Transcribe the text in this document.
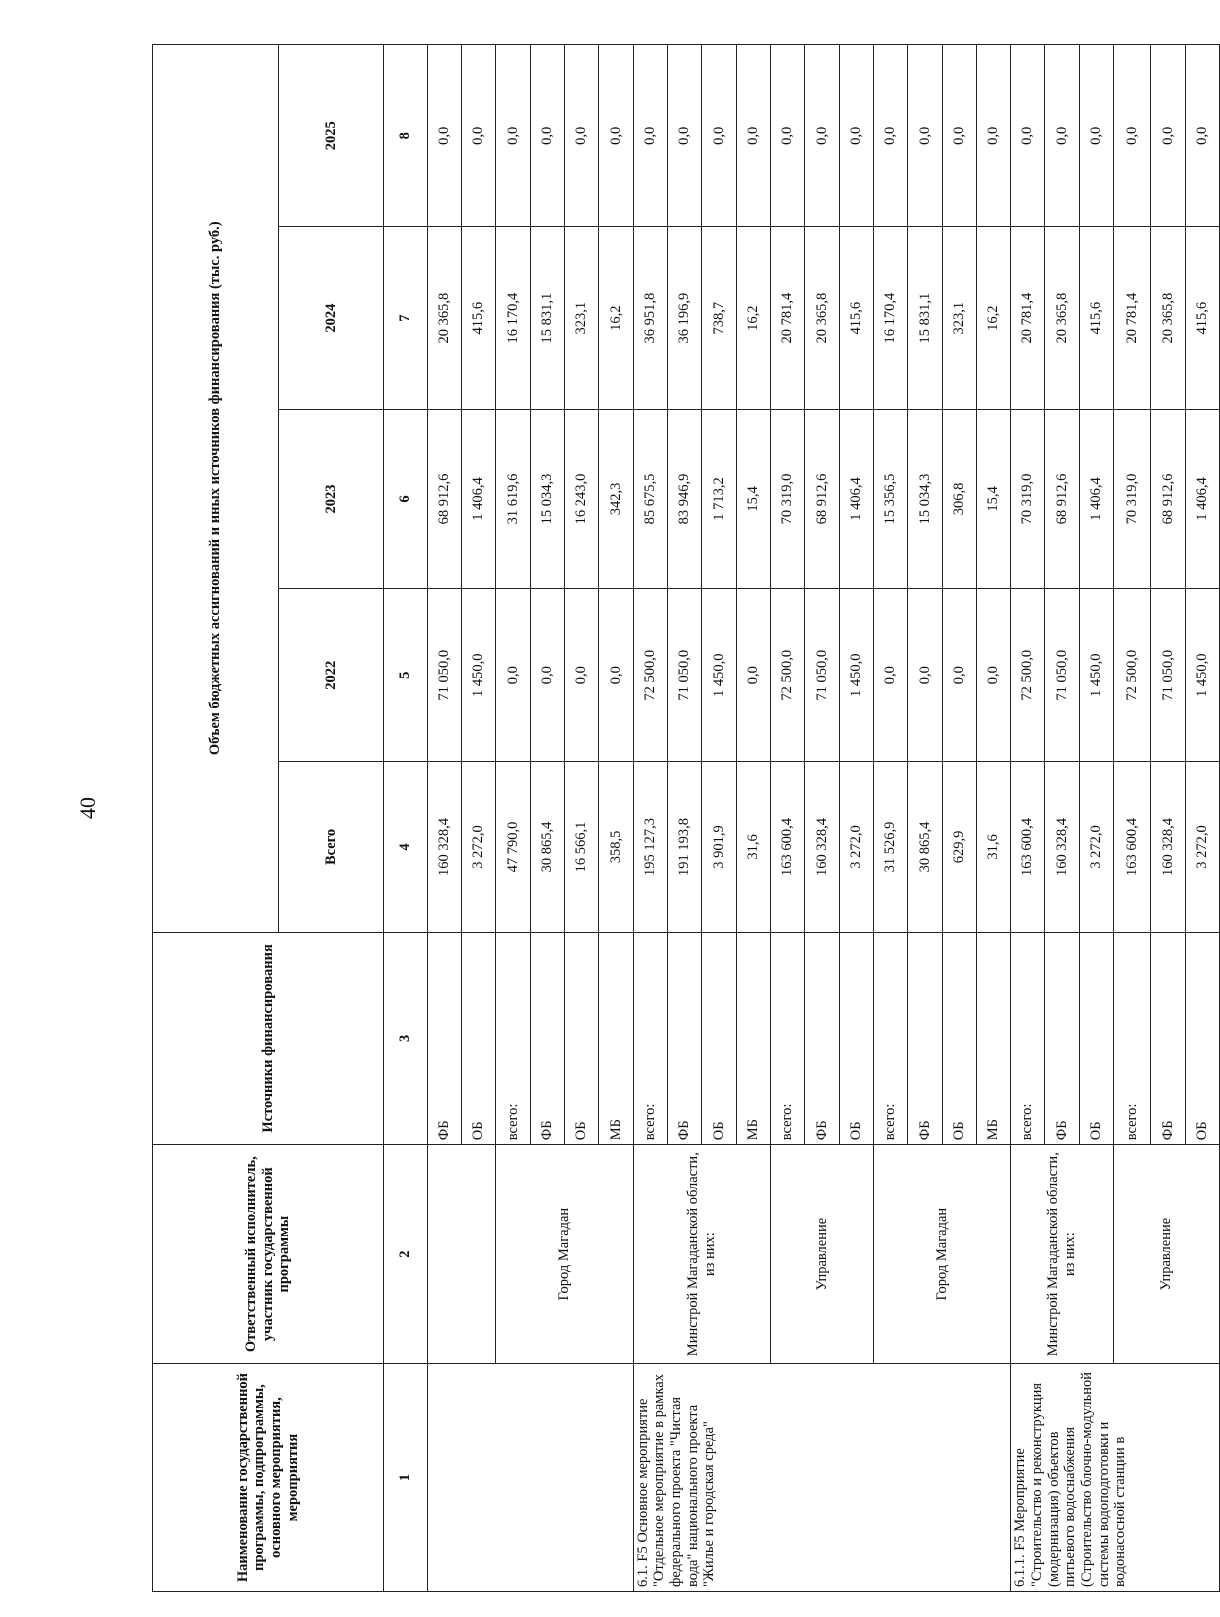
40
Наименование государственной программы, подпрограммы, основного мероприятия, мероприятия	Ответственный исполнитель, участник государственной программы	Источники финансирования	Объем бюджетных ассигнований и иных источников финансирования (тыс. руб.)				
			Всего	2022	2023	2024	2025
1	2	3	4	5	6	7	8
		ФБ	160 328,4	71 050,0	68 912,6	20 365,8	0,0
		ОБ	3 272,0	1 450,0	1 406,4	415,6	0,0
	Город Магадан	всего:	47 790,0	0,0	31 619,6	16 170,4	0,0
		ФБ	30 865,4	0,0	15 034,3	15 831,1	0,0
		ОБ	16 566,1	0,0	16 243,0	323,1	0,0
		МБ	358,5	0,0	342,3	16,2	0,0
6.1. F5 Основное мероприятие "Отдельное мероприятие в рамках федерального проекта "Чистая вода" национального проекта "Жилье и городская среда"	Минстрой Магаданской области, из них:	всего:	195 127,3	72 500,0	85 675,5	36 951,8	0,0
		ФБ	191 193,8	71 050,0	83 946,9	36 196,9	0,0
		ОБ	3 901,9	1 450,0	1 713,2	738,7	0,0
		МБ	31,6	0,0	15,4	16,2	0,0
	Управление	всего:	163 600,4	72 500,0	70 319,0	20 781,4	0,0
		ФБ	160 328,4	71 050,0	68 912,6	20 365,8	0,0
		ОБ	3 272,0	1 450,0	1 406,4	415,6	0,0
	Город Магадан	всего:	31 526,9	0,0	15 356,5	16 170,4	0,0
		ФБ	30 865,4	0,0	15 034,3	15 831,1	0,0
		ОБ	629,9	0,0	306,8	323,1	0,0
		МБ	31,6	0,0	15,4	16,2	0,0
6.1.1. F5 Мероприятие "Строительство и реконструкция (модернизация) объектов питьевого водоснабжения (Строительство блочно-модульной системы водоподготовки и водонасосной станции в	Минстрой Магаданской области, из них:	всего:	163 600,4	72 500,0	70 319,0	20 781,4	0,0
		ФБ	160 328,4	71 050,0	68 912,6	20 365,8	0,0
		ОБ	3 272,0	1 450,0	1 406,4	415,6	0,0
	Управление	всего:	163 600,4	72 500,0	70 319,0	20 781,4	0,0
		ФБ	160 328,4	71 050,0	68 912,6	20 365,8	0,0
		ОБ	3 272,0	1 450,0	1 406,4	415,6	0,0
